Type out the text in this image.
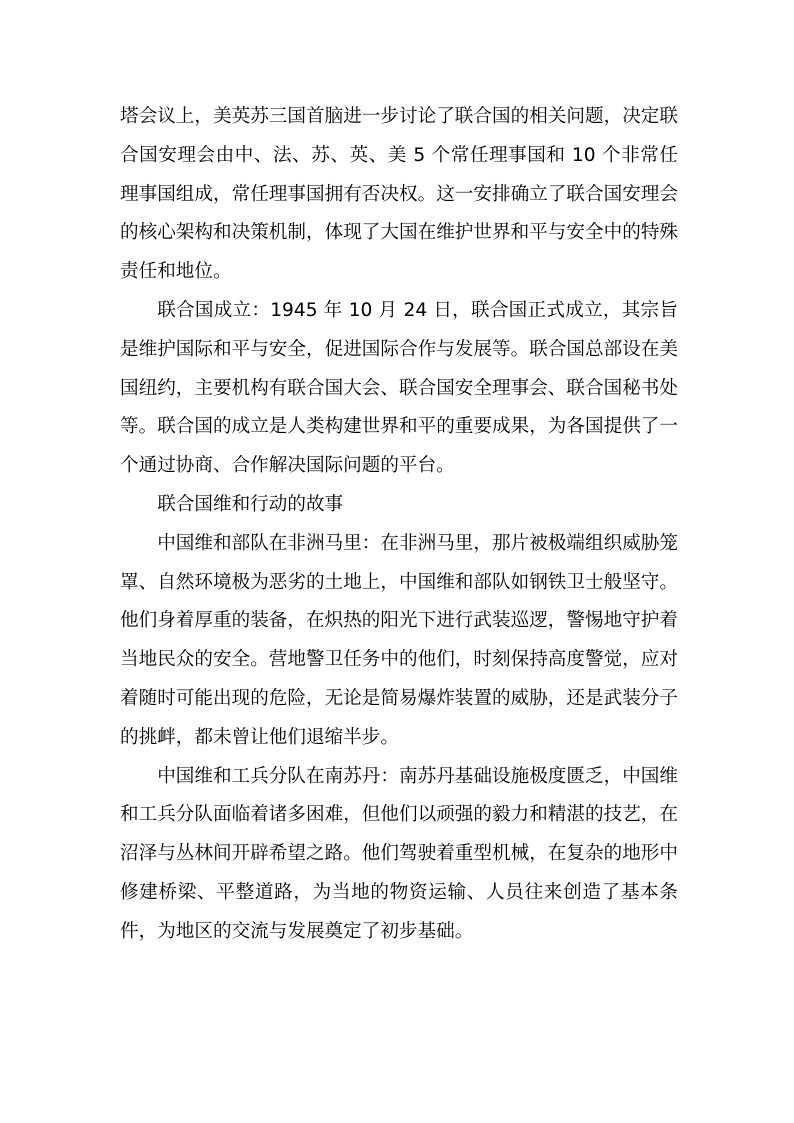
塔会议上，美英苏三国首脑进一步讨论了联合国的相关问题，决定联合国安理会由中、法、苏、英、美 5 个常任理事国和 10 个非常任理事国组成，常任理事国拥有否决权。这一安排确立了联合国安理会的核心架构和决策机制，体现了大国在维护世界和平与安全中的特殊责任和地位。

联合国成立：1945 年 10 月 24 日，联合国正式成立，其宗旨是维护国际和平与安全，促进国际合作与发展等。联合国总部设在美国纽约，主要机构有联合国大会、联合国安全理事会、联合国秘书处等。联合国的成立是人类构建世界和平的重要成果，为各国提供了一个通过协商、合作解决国际问题的平台。

联合国维和行动的故事

中国维和部队在非洲马里：在非洲马里，那片被极端组织威胁笼罩、自然环境极为恶劣的土地上，中国维和部队如钢铁卫士般坚守。他们身着厚重的装备，在炽热的阳光下进行武装巡逻，警惕地守护着当地民众的安全。营地警卫任务中的他们，时刻保持高度警觉，应对着随时可能出现的危险，无论是简易爆炸装置的威胁，还是武装分子的挑衅，都未曾让他们退缩半步。

中国维和工兵分队在南苏丹：南苏丹基础设施极度匮乏，中国维和工兵分队面临着诸多困难，但他们以顽强的毅力和精湛的技艺，在沼泽与丛林间开辟希望之路。他们驾驶着重型机械，在复杂的地形中修建桥梁、平整道路，为当地的物资运输、人员往来创造了基本条件，为地区的交流与发展奠定了初步基础。
